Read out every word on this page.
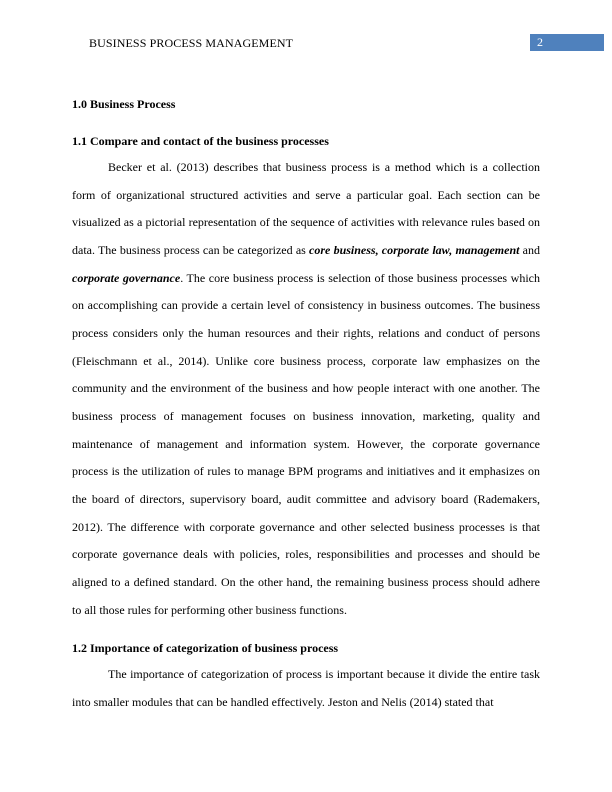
BUSINESS PROCESS MANAGEMENT	2
1.0 Business Process
1.1 Compare and contact of the business processes

Becker et al. (2013) describes that business process is a method which is a collection form of organizational structured activities and serve a particular goal. Each section can be visualized as a pictorial representation of the sequence of activities with relevance rules based on data. The business process can be categorized as core business, corporate law, management and corporate governance. The core business process is selection of those business processes which on accomplishing can provide a certain level of consistency in business outcomes. The business process considers only the human resources and their rights, relations and conduct of persons (Fleischmann et al., 2014). Unlike core business process, corporate law emphasizes on the community and the environment of the business and how people interact with one another. The business process of management focuses on business innovation, marketing, quality and maintenance of management and information system. However, the corporate governance process is the utilization of rules to manage BPM programs and initiatives and it emphasizes on the board of directors, supervisory board, audit committee and advisory board (Rademakers, 2012). The difference with corporate governance and other selected business processes is that corporate governance deals with policies, roles, responsibilities and processes and should be aligned to a defined standard. On the other hand, the remaining business process should adhere to all those rules for performing other business functions.

1.2 Importance of categorization of business process

The importance of categorization of process is important because it divide the entire task into smaller modules that can be handled effectively. Jeston and Nelis (2014) stated that
